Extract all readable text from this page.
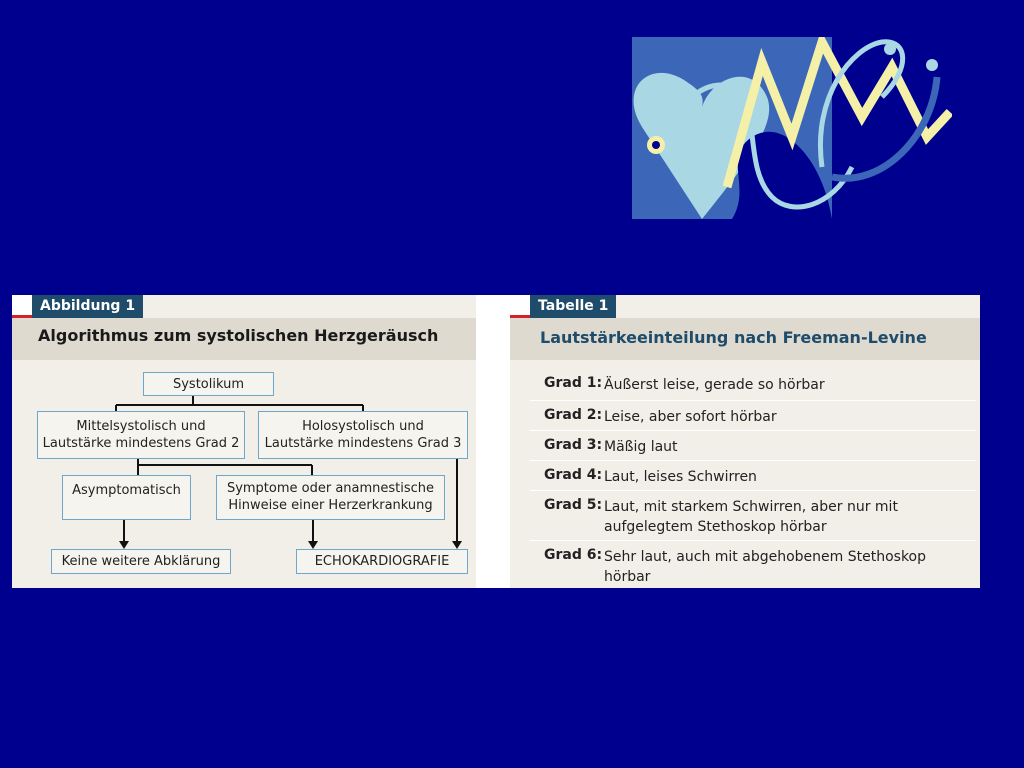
Abbildung 1
Algorithmus zum systolischen Herzgeräusch
Systolikum
Mittelsystolisch und
Lautstärke mindestens Grad 2
Holosystolisch und
Lautstärke mindestens Grad 3
Asymptomatisch	Symptome oder anamnestische
Hinweise einer Herzerkrankung
Keine weitere Abklärung	ECHOKARDIOGRAFIE
Tabelle 1
Lautstärkeeinteilung nach Freeman-Levine
Grad 1: Äußerst leise, gerade so hörbar
Grad 2: Leise, aber sofort hörbar
Grad 3: Mäßig laut
Grad 4: Laut, leises Schwirren
Grad 5: Laut, mit starkem Schwirren, aber nur mit aufgelegtem Stethoskop hörbar
Grad 6: Sehr laut, auch mit abgehobenem Stethoskop hörbar
